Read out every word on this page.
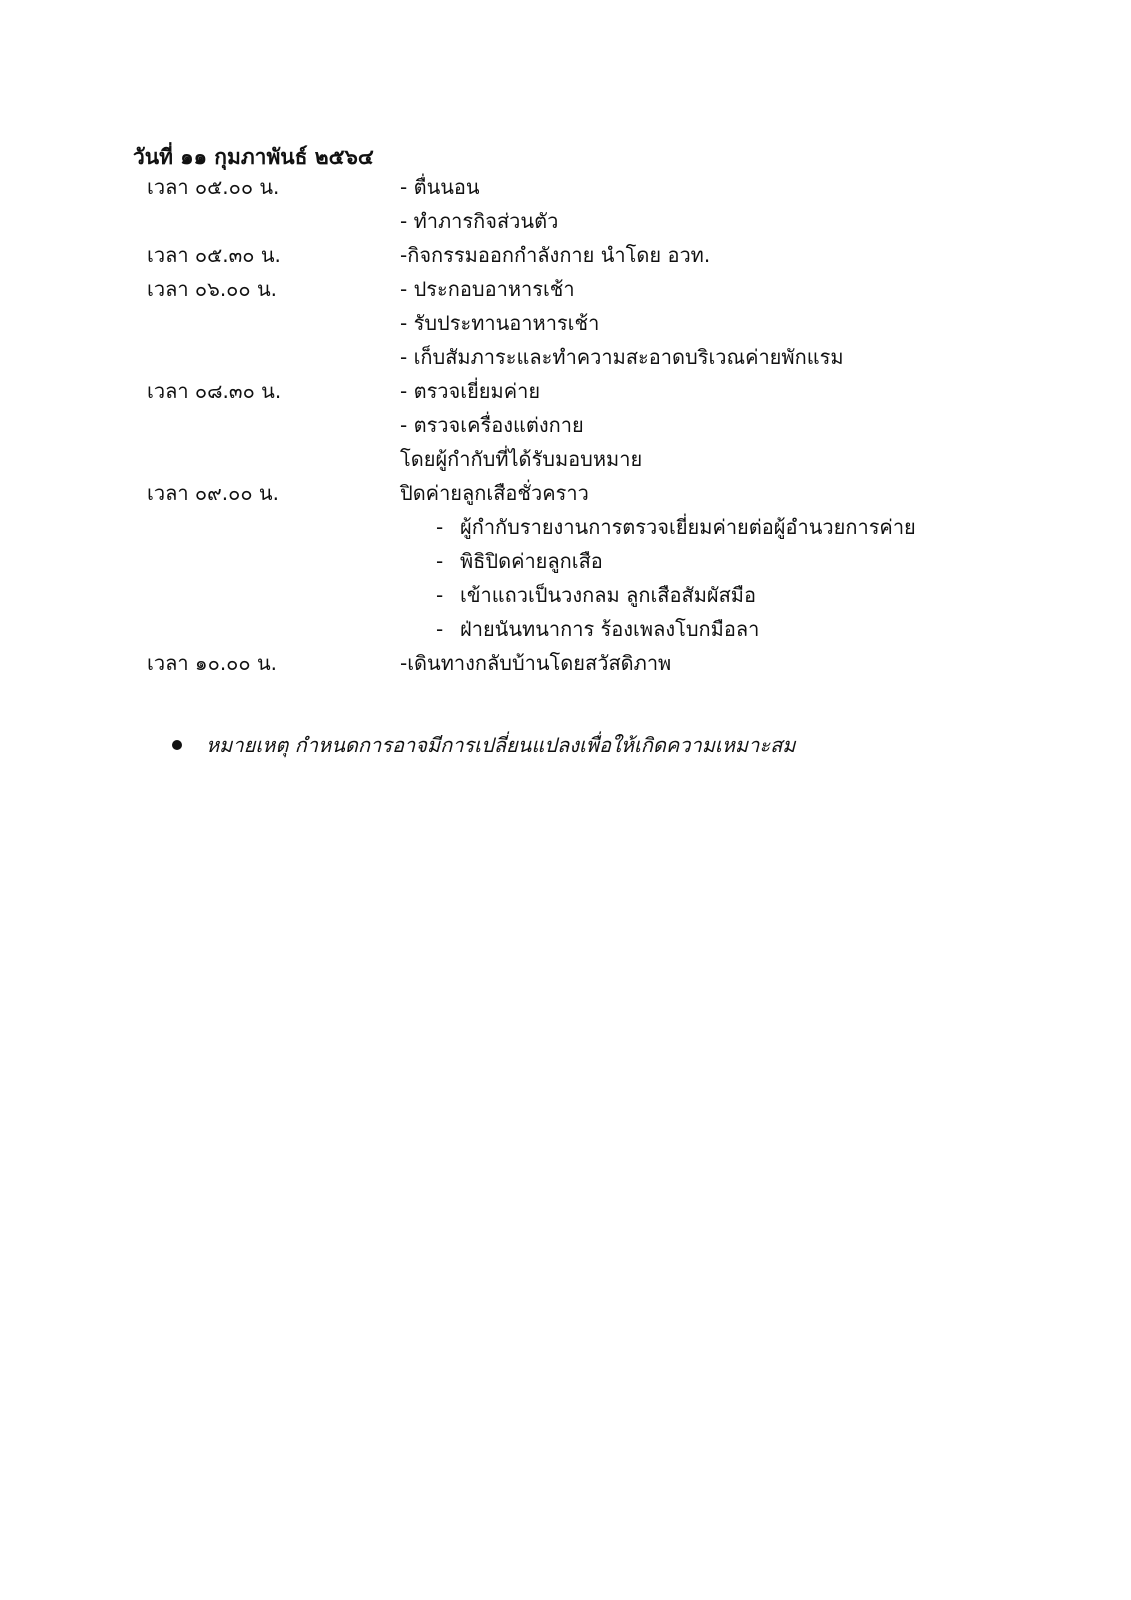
วันที่ ๑๑ กุมภาพันธ์ ๒๕๖๔
เวลา ๐๕.๐๐ น.	- ตื่นนอน
- ทำภารกิจส่วนตัว
เวลา ๐๕.๓๐ น.	-กิจกรรมออกกำลังกาย นำโดย อวท.
เวลา ๐๖.๐๐ น.	- ประกอบอาหารเช้า
- รับประทานอาหารเช้า
- เก็บสัมภาระและทำความสะอาดบริเวณค่ายพักแรม
เวลา ๐๘.๓๐ น.	- ตรวจเยี่ยมค่าย
- ตรวจเครื่องแต่งกาย
โดยผู้กำกับที่ได้รับมอบหมาย
เวลา ๐๙.๐๐ น.	ปิดค่ายลูกเสือชั่วคราว
- ผู้กำกับรายงานการตรวจเยี่ยมค่ายต่อผู้อำนวยการค่าย
- พิธิปิดค่ายลูกเสือ
- เข้าแถวเป็นวงกลม ลูกเสือสัมผัสมือ
- ฝ่ายนันทนาการ ร้องเพลงโบกมือลา
เวลา ๑๐.๐๐ น.	-เดินทางกลับบ้านโดยสวัสดิภาพ
หมายเหตุ กำหนดการอาจมีการเปลี่ยนแปลงเพื่อให้เกิดความเหมาะสม
